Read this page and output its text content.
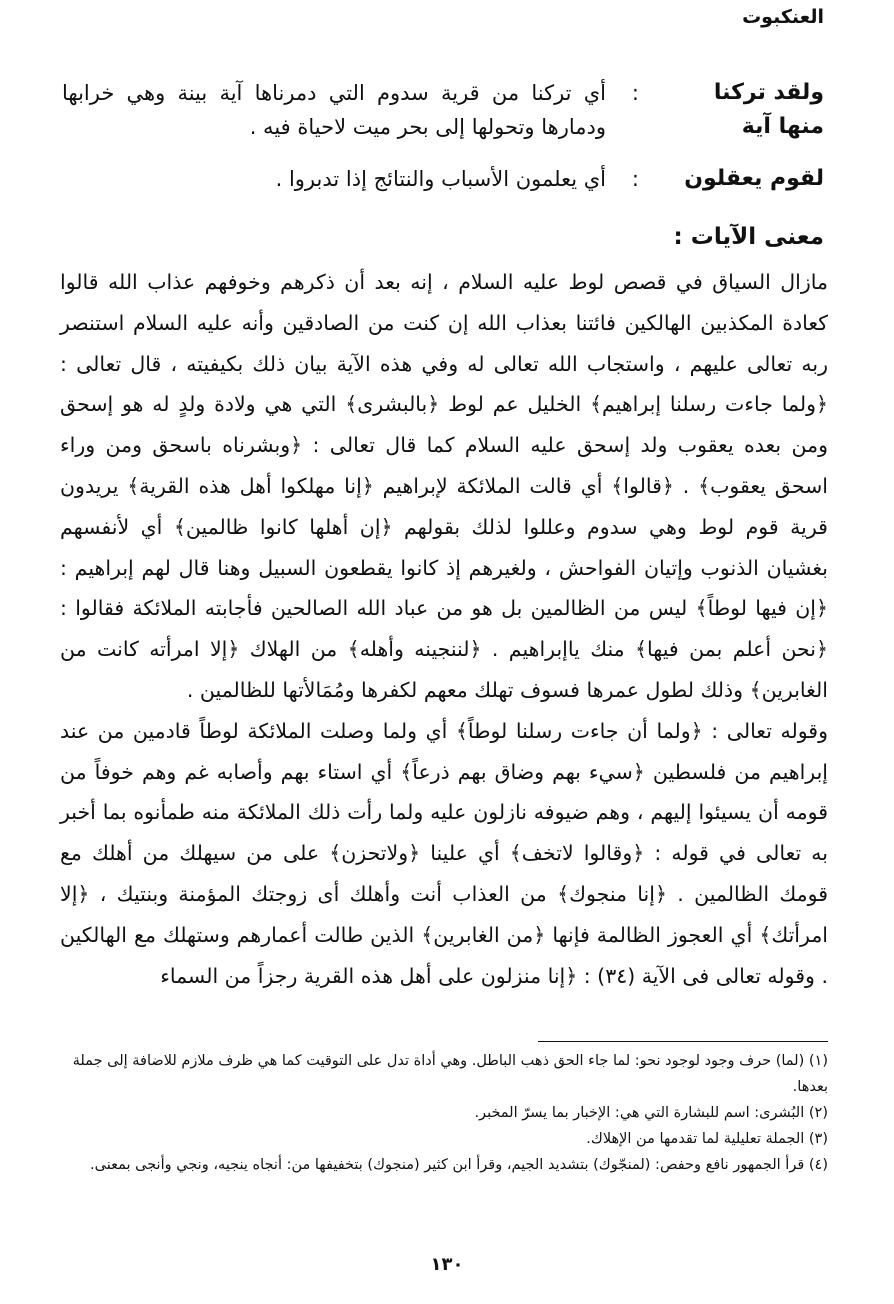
العنكبوت
ولقد تركنا منها آية
:
أي تركنا من قرية سدوم التي دمرناها آية بينة وهي خرابها ودمارها وتحولها إلى بحر ميت لاحياة فيه .
لقوم يعقلون
:
أي يعلمون الأسباب والنتائج إذا تدبروا .
معنى الآيات :

مازال السياق في قصص لوط عليه السلام ، إنه بعد أن ذكرهم وخوفهم عذاب الله قالوا كعادة المكذبين الهالكين فائتنا بعذاب الله إن كنت من الصادقين وأنه عليه السلام استنصر ربه تعالى عليهم ، واستجاب الله تعالى له وفي هذه الآية بيان ذلك بكيفيته ، قال تعالى : ﴿ولما جاءت رسلنا إبراهيم﴾ الخليل عم لوط ﴿بالبشرى﴾ التي هي ولادة ولدٍ له هو إسحق ومن بعده يعقوب ولد إسحق عليه السلام كما قال تعالى : ﴿وبشرناه باسحق ومن وراء اسحق يعقوب﴾ . ﴿قالوا﴾ أي قالت الملائكة لإبراهيم ﴿إنا مهلكوا أهل هذه القرية﴾ يريدون قرية قوم لوط وهي سدوم وعللوا لذلك بقولهم ﴿إن أهلها كانوا ظالمين﴾ أي لأنفسهم بغشيان الذنوب وإتيان الفواحش ، ولغيرهم إذ كانوا يقطعون السبيل وهنا قال لهم إبراهيم : ﴿إن فيها لوطاً﴾ ليس من الظالمين بل هو من عباد الله الصالحين فأجابته الملائكة فقالوا : ﴿نحن أعلم بمن فيها﴾ منك ياإبراهيم . ﴿لننجينه وأهله﴾ من الهلاك ﴿إلا امرأته كانت من الغابرين﴾ وذلك لطول عمرها فسوف تهلك معهم لكفرها ومُمَالأتها للظالمين .

وقوله تعالى : ﴿ولما أن جاءت رسلنا لوطاً﴾ أي ولما وصلت الملائكة لوطاً قادمين من عند إبراهيم من فلسطين ﴿سيء بهم وضاق بهم ذرعاً﴾ أي استاء بهم وأصابه غم وهم خوفاً من قومه أن يسيئوا إليهم ، وهم ضيوفه نازلون عليه ولما رأت ذلك الملائكة منه طمأنوه بما أخبر به تعالى في قوله : ﴿وقالوا لاتخف﴾ أي علينا ﴿ولاتحزن﴾ على من سيهلك من أهلك مع قومك الظالمين . ﴿إنا منجوك﴾ من العذاب أنت وأهلك أى زوجتك المؤمنة وبنتيك ، ﴿إلا امرأتك﴾ أي العجوز الظالمة فإنها ﴿من الغابرين﴾ الذين طالت أعمارهم وستهلك مع الهالكين . وقوله تعالى فى الآية (٣٤) : ﴿إنا منزلون على أهل هذه القرية رجزاً من السماء

(١) (لما) حرف وجود لوجود نحو: لما جاء الحق ذهب الباطل. وهي أداة تدل على التوقيت كما هي ظرف ملازم للاضافة إلى جملة بعدها.
(٢) البُشرى: اسم للبشارة التي هي: الإخبار بما يسرّ المخبر.
(٣) الجملة تعليلية لما تقدمها من الإهلاك.
(٤) قرأ الجمهور نافع وحفص: (لمنجّوك) بتشديد الجيم، وقرأ ابن كثير (منجوك) بتخفيفها من: أنجاه ينجيه، ونجي وأنجى بمعنى.
١٣٠
